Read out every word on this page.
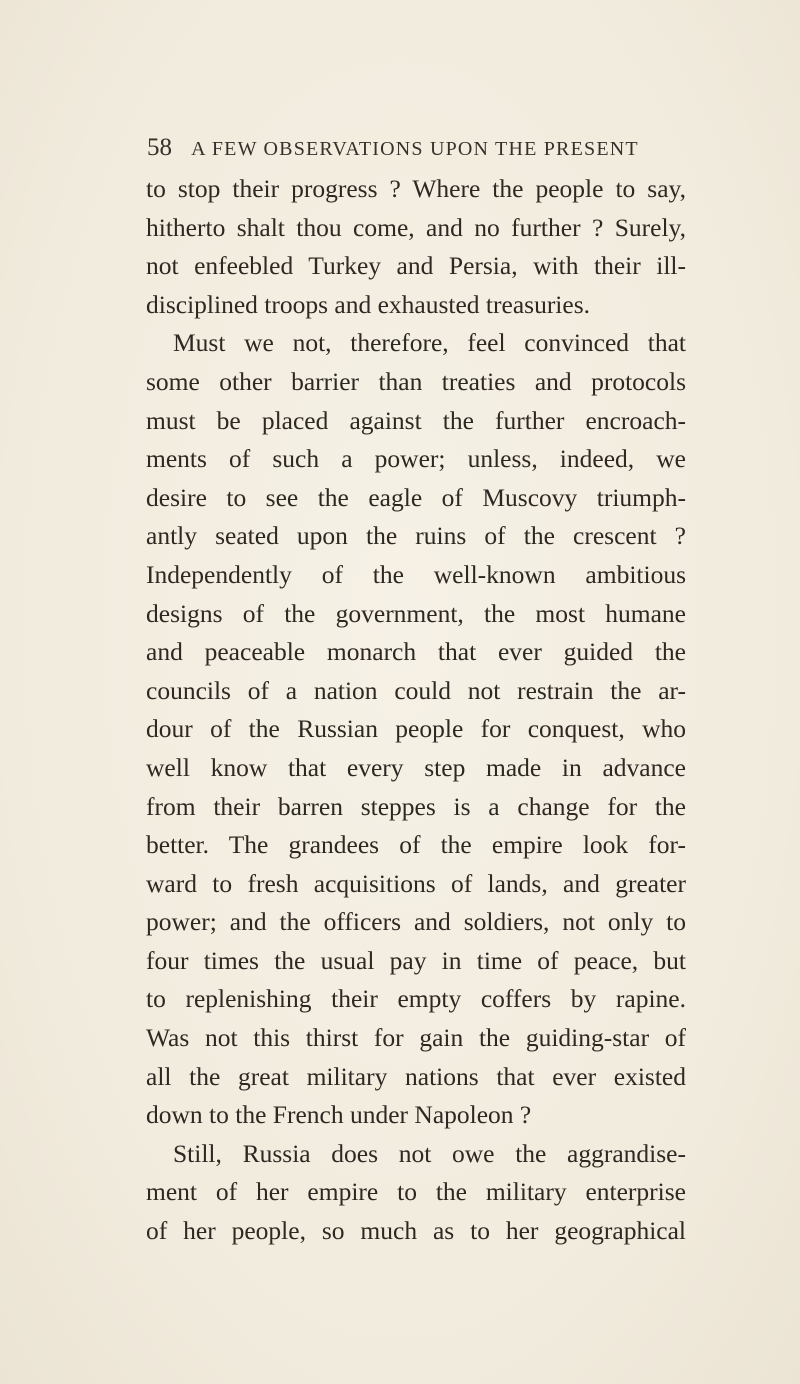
58 A FEW OBSERVATIONS UPON THE PRESENT
to stop their progress ? Where the people to say,
hitherto shalt thou come, and no further ? Surely,
not enfeebled Turkey and Persia, with their ill-
disciplined troops and exhausted treasuries.
Must we not, therefore, feel convinced that
some other barrier than treaties and protocols
must be placed against the further encroach-
ments of such a power; unless, indeed, we
desire to see the eagle of Muscovy triumph-
antly seated upon the ruins of the crescent ?
Independently of the well-known ambitious
designs of the government, the most humane
and peaceable monarch that ever guided the
councils of a nation could not restrain the ar-
dour of the Russian people for conquest, who
well know that every step made in advance
from their barren steppes is a change for the
better. The grandees of the empire look for-
ward to fresh acquisitions of lands, and greater
power; and the officers and soldiers, not only to
four times the usual pay in time of peace, but
to replenishing their empty coffers by rapine.
Was not this thirst for gain the guiding-star of
all the great military nations that ever existed
down to the French under Napoleon ?
Still, Russia does not owe the aggrandise-
ment of her empire to the military enterprise
of her people, so much as to her geographical
